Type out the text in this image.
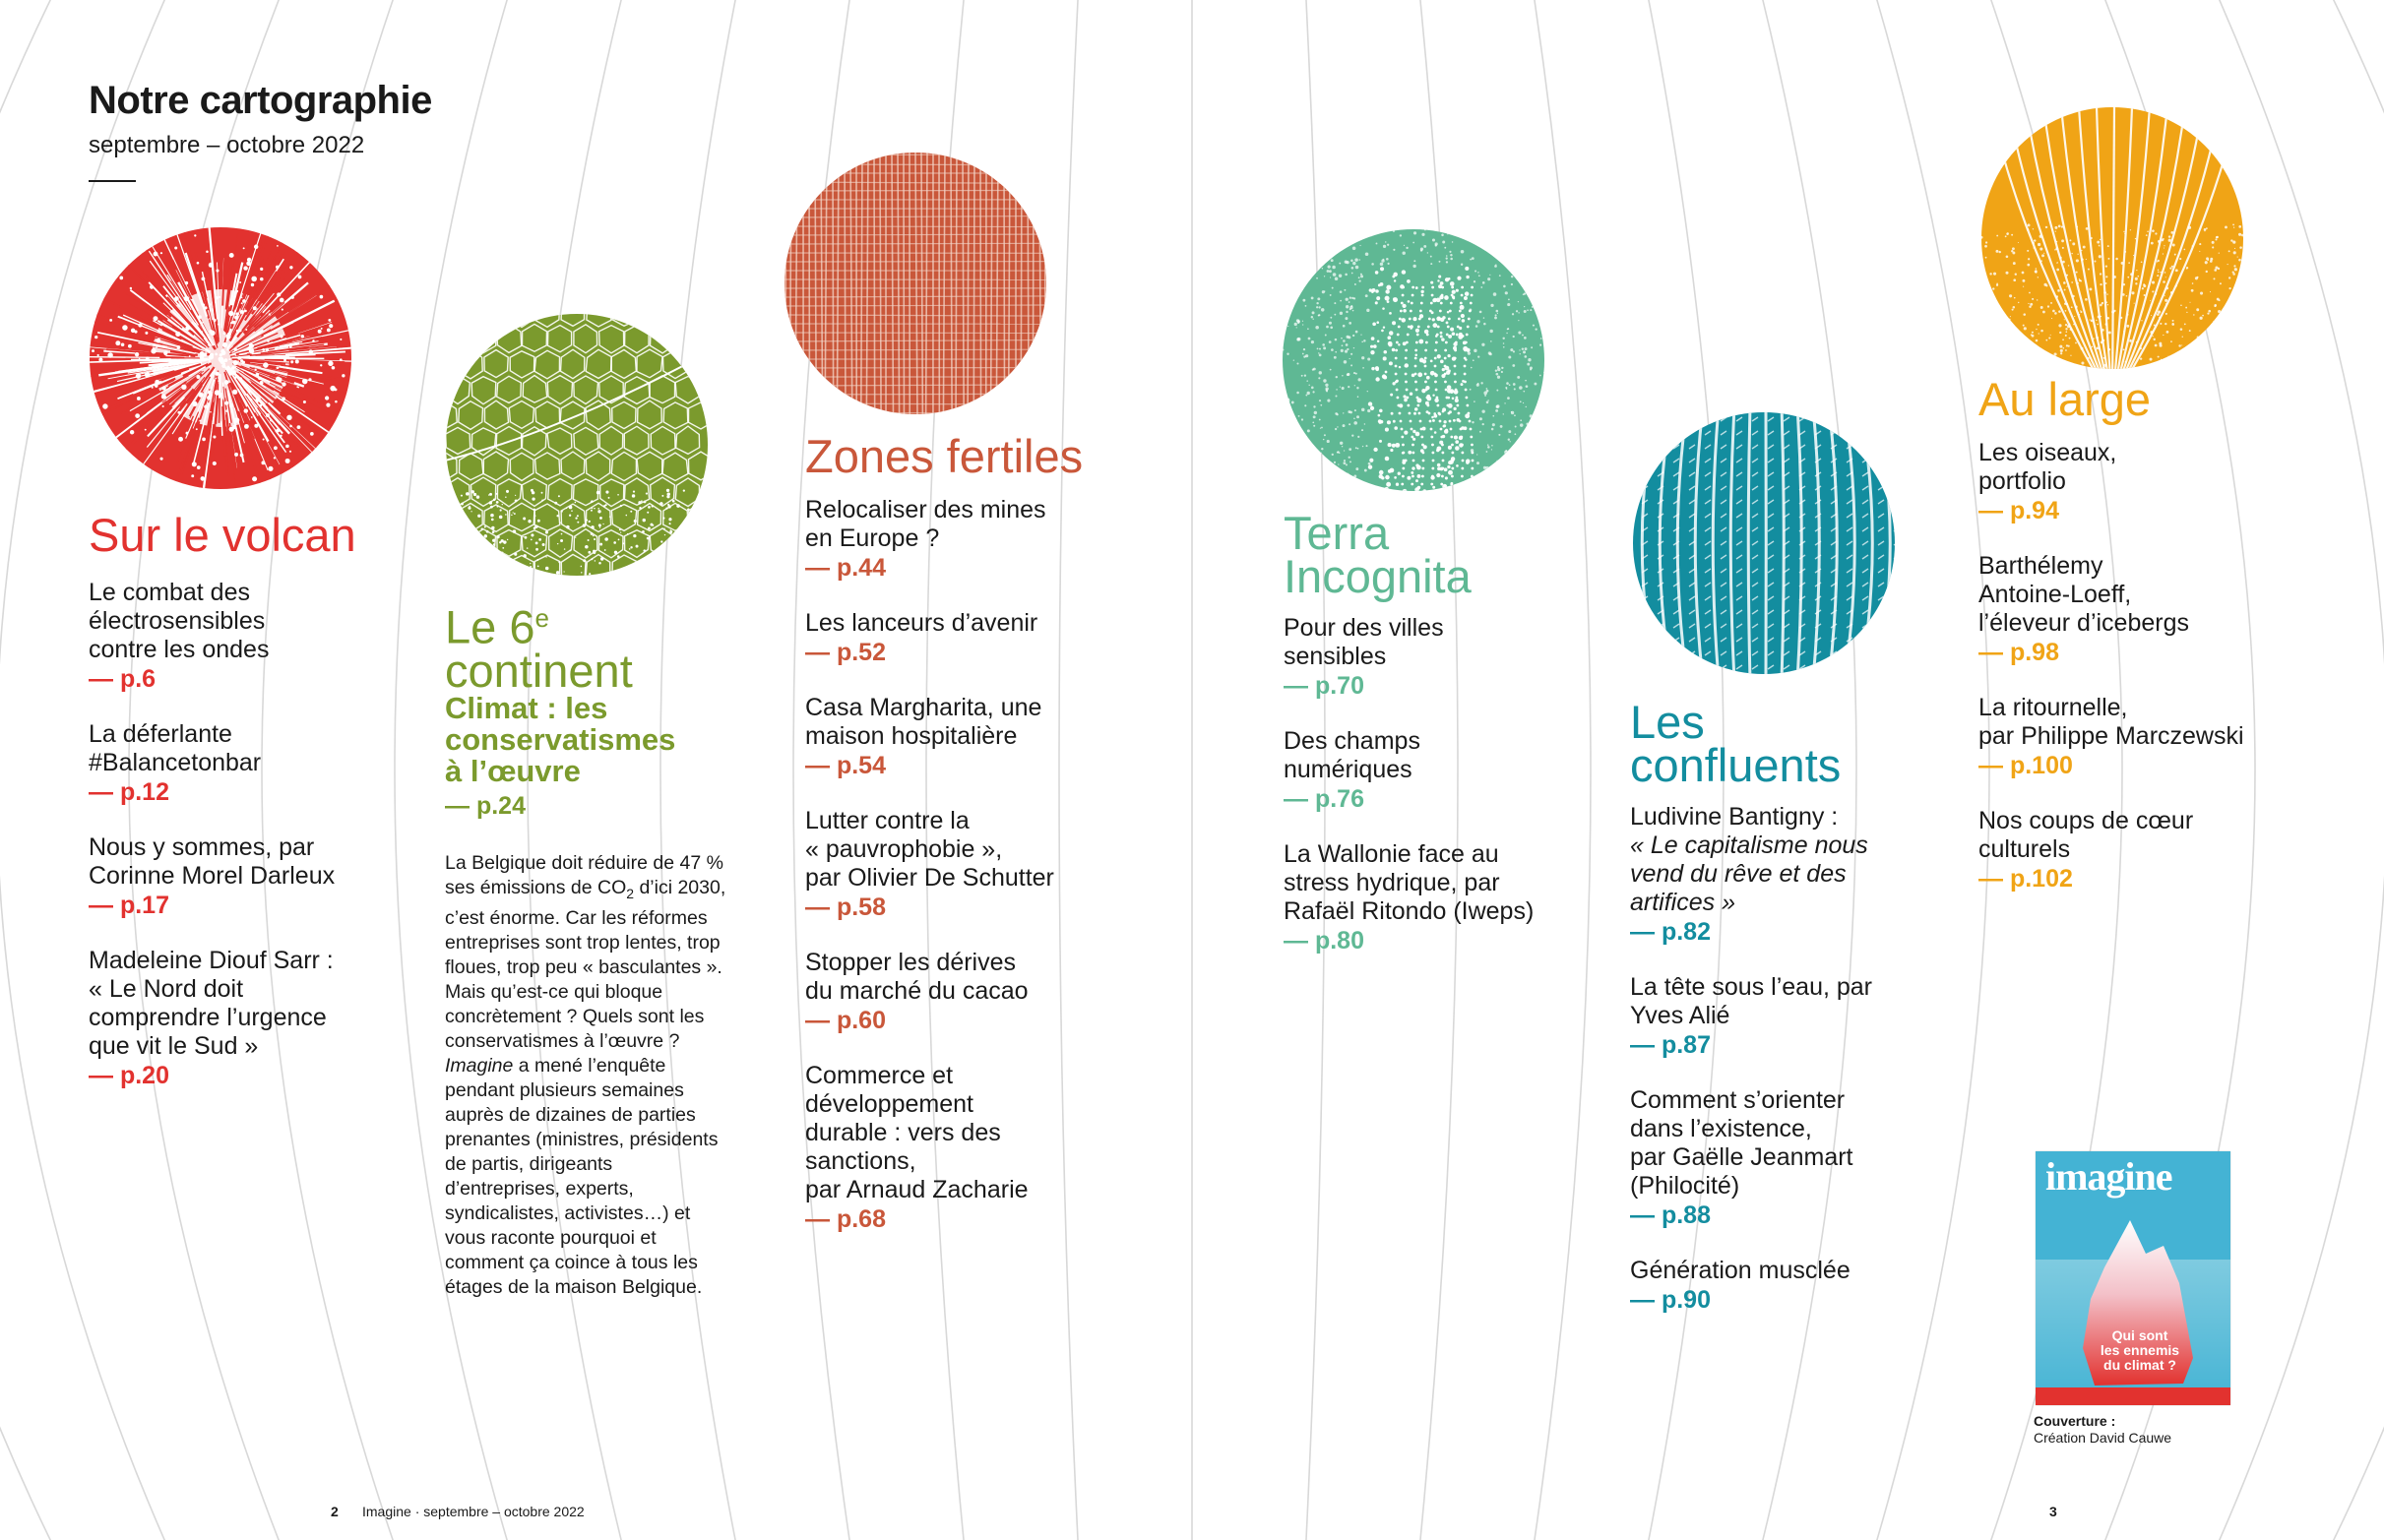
Notre cartographie
septembre – octobre 2022
Sur le volcan
Le combat des
électrosensibles
contre les ondes
— p.6
La déferlante
#Balancetonbar
— p.12
Nous y sommes, par
Corinne Morel Darleux
— p.17
Madeleine Diouf Sarr :
« Le Nord doit
comprendre l’urgence
que vit le Sud »
— p.20
Le 6e
continent
Climat : les
conservatismes
à l’œuvre
— p.24
La Belgique doit réduire de 47 % ses émissions de $CO_2$ d’ici 2030, c’est énorme. Car les réformes entreprises sont trop lentes, trop floues, trop peu « basculantes ». Mais qu’est-ce qui bloque concrètement ? Quels sont les conservatismes à l’œuvre ? Imagine a mené l’enquête pendant plusieurs semaines auprès de dizaines de parties prenantes (ministres, présidents de partis, dirigeants d’entreprises, experts, syndicalistes, activistes…) et vous raconte pourquoi et comment ça coince à tous les étages de la maison Belgique.
Zones fertiles
Relocaliser des mines
en Europe ?
— p.44
Les lanceurs d’avenir
— p.52
Casa Margharita, une
maison hospitalière
— p.54
Lutter contre la
« pauvrophobie »,
par Olivier De Schutter
— p.58
Stopper les dérives
du marché du cacao
— p.60
Commerce et
développement
durable : vers des
sanctions,
par Arnaud Zacharie
— p.68
Terra
Incognita
Pour des villes
sensibles
— p.70
Des champs
numériques
— p.76
La Wallonie face au
stress hydrique, par
Rafaël Ritondo (Iweps)
— p.80
Les
confluents
Ludivine Bantigny :
« Le capitalisme nous
vend du rêve et des
artifices »
— p.82
La tête sous l’eau, par
Yves Alié
— p.87
Comment s’orienter
dans l’existence,
par Gaëlle Jeanmart
(Philocité)
— p.88
Génération musclée
— p.90
Au large
Les oiseaux,
portfolio
— p.94
Barthélemy
Antoine-Loeff,
l’éleveur d’icebergs
— p.98
La ritournelle,
par Philippe Marczewski
— p.100
Nos coups de cœur
culturels
— p.102
imagine
Qui sont
les ennemis
du climat ?
Couverture :
Création David Cauwe
2 Imagine · septembre – octobre 2022	3
